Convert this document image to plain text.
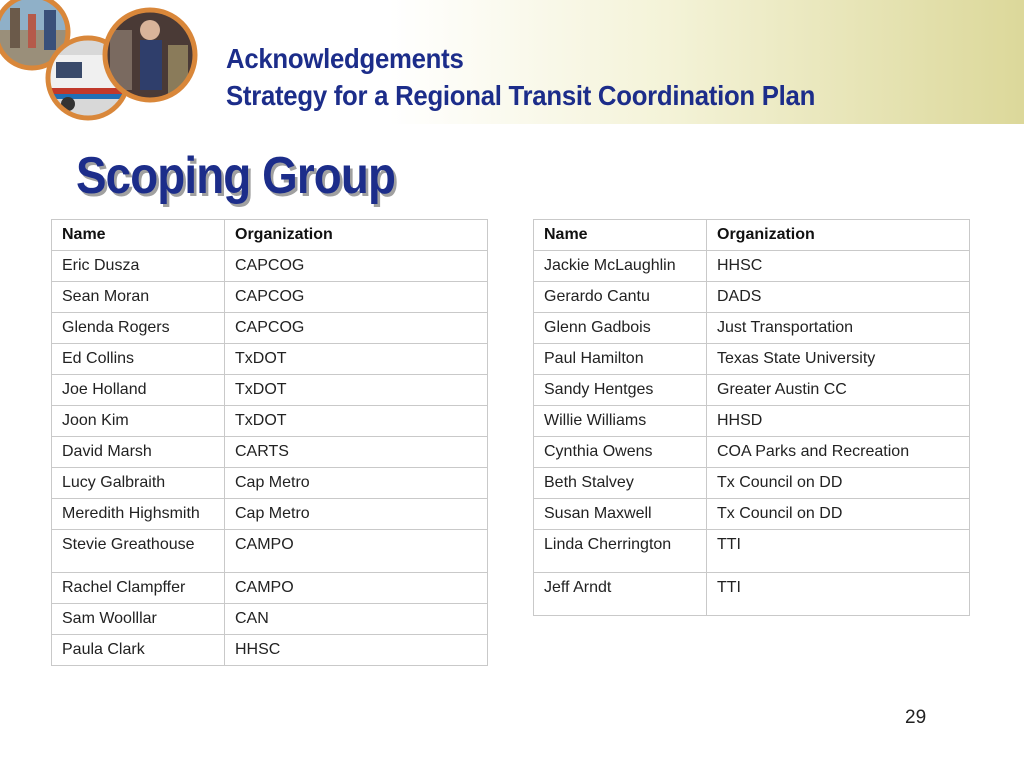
Acknowledgements
Strategy for a Regional Transit Coordination Plan
Scoping Group
Name	Organization
Eric Dusza	CAPCOG
Sean Moran	CAPCOG
Glenda Rogers	CAPCOG
Ed Collins	TxDOT
Joe Holland	TxDOT
Joon Kim	TxDOT
David Marsh	CARTS
Lucy Galbraith	Cap Metro
Meredith Highsmith	Cap Metro
Stevie Greathouse	CAMPO
Rachel Clampffer	CAMPO
Sam Woolllar	CAN
Paula Clark	HHSC
Name	Organization
Jackie McLaughlin	HHSC
Gerardo Cantu	DADS
Glenn Gadbois	Just Transportation
Paul Hamilton	Texas State University
Sandy Hentges	Greater Austin CC
Willie Williams	HHSD
Cynthia Owens	COA Parks and Recreation
Beth Stalvey	Tx Council on DD
Susan Maxwell	Tx Council on DD
Linda Cherrington	TTI
Jeff Arndt	TTI
29
